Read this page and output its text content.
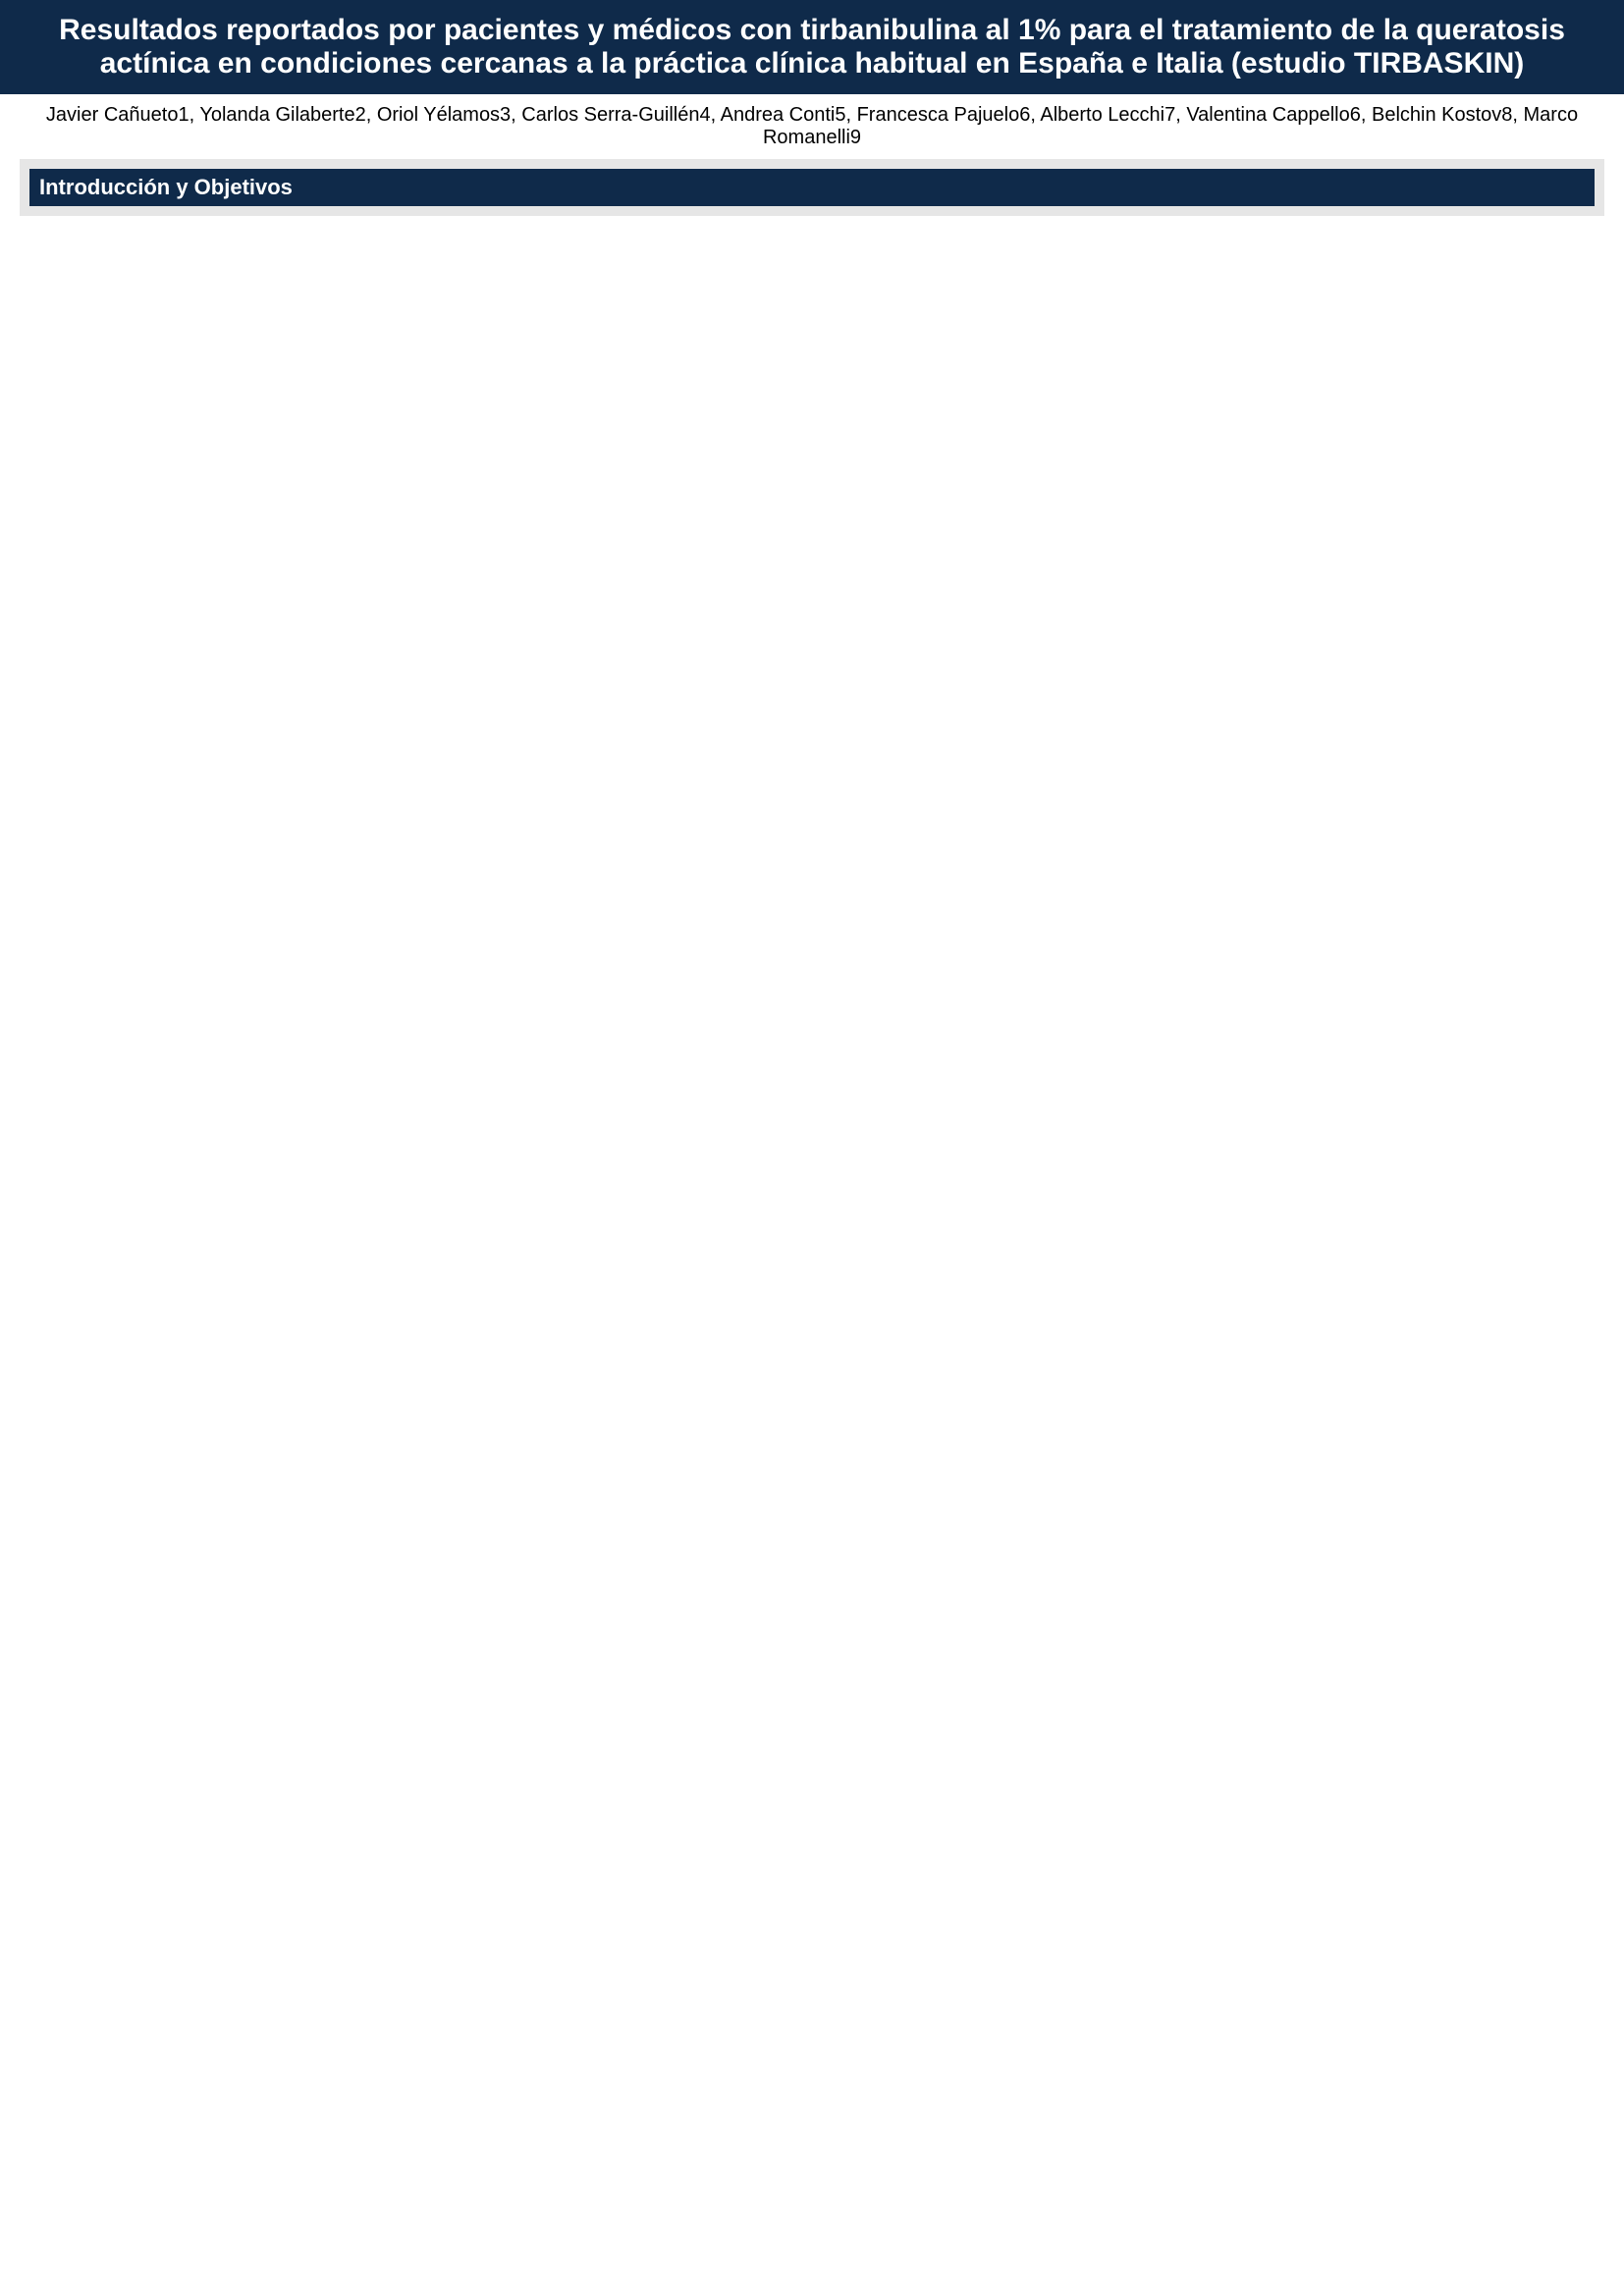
Resultados reportados por pacientes y médicos con tirbanibulina al 1% para el tratamiento de la queratosis actínica en condiciones cercanas a la práctica clínica habitual en España e Italia (estudio TIRBASKIN)
Javier Cañueto1, Yolanda Gilaberte2, Oriol Yélamos3, Carlos Serra-Guillén4, Andrea Conti5, Francesca Pajuelo6, Alberto Lecchi7, Valentina Cappello6, Belchin Kostov8, Marco Romanelli9
Introducción y Objetivos
